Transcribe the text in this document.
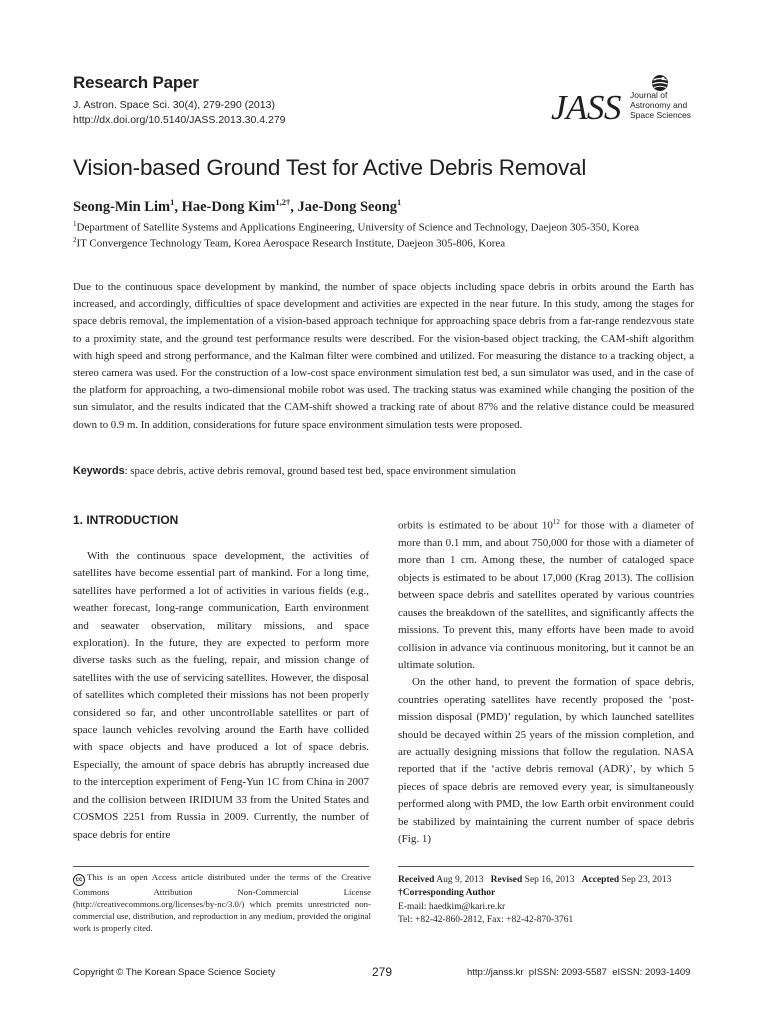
Research Paper
J. Astron. Space Sci. 30(4), 279-290 (2013)
http://dx.doi.org/10.5140/JASS.2013.30.4.279	JASS Journal of
Astronomy and
Space Sciences
Vision-based Ground Test for Active Debris Removal
Seong-Min Lim$^1$, Hae-Dong Kim$^{1,2\dagger}$, Jae-Dong Seong$^1$
$^1$Department of Satellite Systems and Applications Engineering, University of Science and Technology, Daejeon 305-350, Korea
$^2$IT Convergence Technology Team, Korea Aerospace Research Institute, Daejeon 305-806, Korea
Due to the continuous space development by mankind, the number of space objects including space debris in orbits around the Earth has increased, and accordingly, difficulties of space development and activities are expected in the near future. In this study, among the stages for space debris removal, the implementation of a vision-based approach technique for approaching space debris from a far-range rendezvous state to a proximity state, and the ground test performance results were described. For the vision-based object tracking, the CAM-shift algorithm with high speed and strong performance, and the Kalman filter were combined and utilized. For measuring the distance to a tracking object, a stereo camera was used. For the construction of a low-cost space environment simulation test bed, a sun simulator was used, and in the case of the platform for approaching, a two-dimensional mobile robot was used. The tracking status was examined while changing the position of the sun simulator, and the results indicated that the CAM-shift showed a tracking rate of about 87% and the relative distance could be measured down to 0.9 m. In addition, considerations for future space environment simulation tests were proposed.
Keywords: space debris, active debris removal, ground based test bed, space environment simulation
1. INTRODUCTION

With the continuous space development, the activities of satellites have become essential part of mankind. For a long time, satellites have performed a lot of activities in various fields (e.g., weather forecast, long-range communication, Earth environment and seawater observation, military missions, and space exploration). In the future, they are expected to perform more diverse tasks such as the fueling, repair, and mission change of satellites with the use of servicing satellites. However, the disposal of satellites which completed their missions has not been properly considered so far, and other uncontrollable satellites or part of space launch vehicles revolving around the Earth have collided with space objects and have produced a lot of space debris. Especially, the amount of space debris has abruptly increased due to the interception experiment of Feng-Yun 1C from China in 2007 and the collision between IRIDIUM 33 from the United States and COSMOS 2251 from Russia in 2009. Currently, the number of space debris for entire

orbits is estimated to be about $10^{12}$ for those with a diameter of more than 0.1 mm, and about 750,000 for those with a diameter of more than 1 cm. Among these, the number of cataloged space objects is estimated to be about 17,000 (Krag 2013). The collision between space debris and satellites operated by various countries causes the breakdown of the satellites, and significantly affects the missions. To prevent this, many efforts have been made to avoid collision in advance via continuous monitoring, but it cannot be an ultimate solution.

On the other hand, to prevent the formation of space debris, countries operating satellites have recently proposed the ‘post-mission disposal (PMD)’ regulation, by which launched satellites should be decayed within 25 years of the mission completion, and are actually designing missions that follow the regulation. NASA reported that if the ‘active debris removal (ADR)’, by which 5 pieces of space debris are removed every year, is simultaneously performed along with PMD, the low Earth orbit environment could be stabilized by maintaining the current number of space debris (Fig. 1)

cc This is an open Access article distributed under the terms of the Creative Commons Attribution Non-Commercial License (http://creativecommons.org/licenses/by-nc/3.0/) which premits unrestricted non-commercial use, distribution, and reproduction in any medium, provided the original work is properly cited.
Received Aug 9, 2013 Revised Sep 16, 2013 Accepted Sep 23, 2013
†Corresponding Author
E-mail: haedkim@kari.re.kr
Tel: +82-42-860-2812, Fax: +82-42-870-3761
Copyright © The Korean Space Science Society	279	http://janss.kr  pISSN: 2093-5587  eISSN: 2093-1409
